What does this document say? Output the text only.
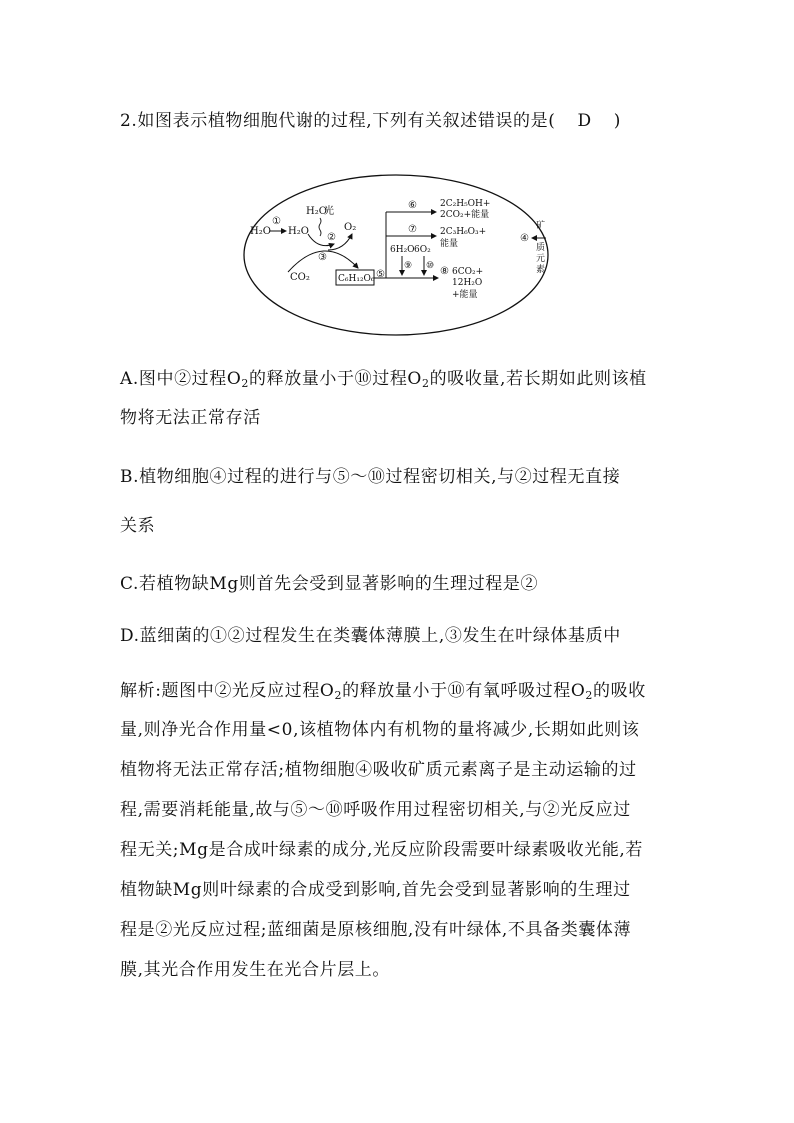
2.如图表示植物细胞代谢的过程,下列有关叙述错误的是( D )
H₂O
①
H₂O
H₂O
光
②
O₂
③
CO₂	C₆H₁₂O₆ ⑤
⑥
⑦
6H₂O 6O₂
⑨ ⑩
2C₂H₅OH+
2CO₂+能量
2C₃H₆O₃+
能量
⑧ 6CO₂+
12H₂O
+能量
④
矿
质
元
素
A.图中②过程$O_2$的释放量小于⑩过程$O_2$的吸收量,若长期如此则该植
物将无法正常存活
B.植物细胞④过程的进行与⑤～⑩过程密切相关,与②过程无直接
关系
C.若植物缺Mg则首先会受到显著影响的生理过程是②
D.蓝细菌的①②过程发生在类囊体薄膜上,③发生在叶绿体基质中
解析:题图中②光反应过程$O_2$的释放量小于⑩有氧呼吸过程$O_2$的吸收
量,则净光合作用量<0,该植物体内有机物的量将减少,长期如此则该
植物将无法正常存活;植物细胞④吸收矿质元素离子是主动运输的过
程,需要消耗能量,故与⑤～⑩呼吸作用过程密切相关,与②光反应过
程无关;Mg是合成叶绿素的成分,光反应阶段需要叶绿素吸收光能,若
植物缺Mg则叶绿素的合成受到影响,首先会受到显著影响的生理过
程是②光反应过程;蓝细菌是原核细胞,没有叶绿体,不具备类囊体薄
膜,其光合作用发生在光合片层上。
